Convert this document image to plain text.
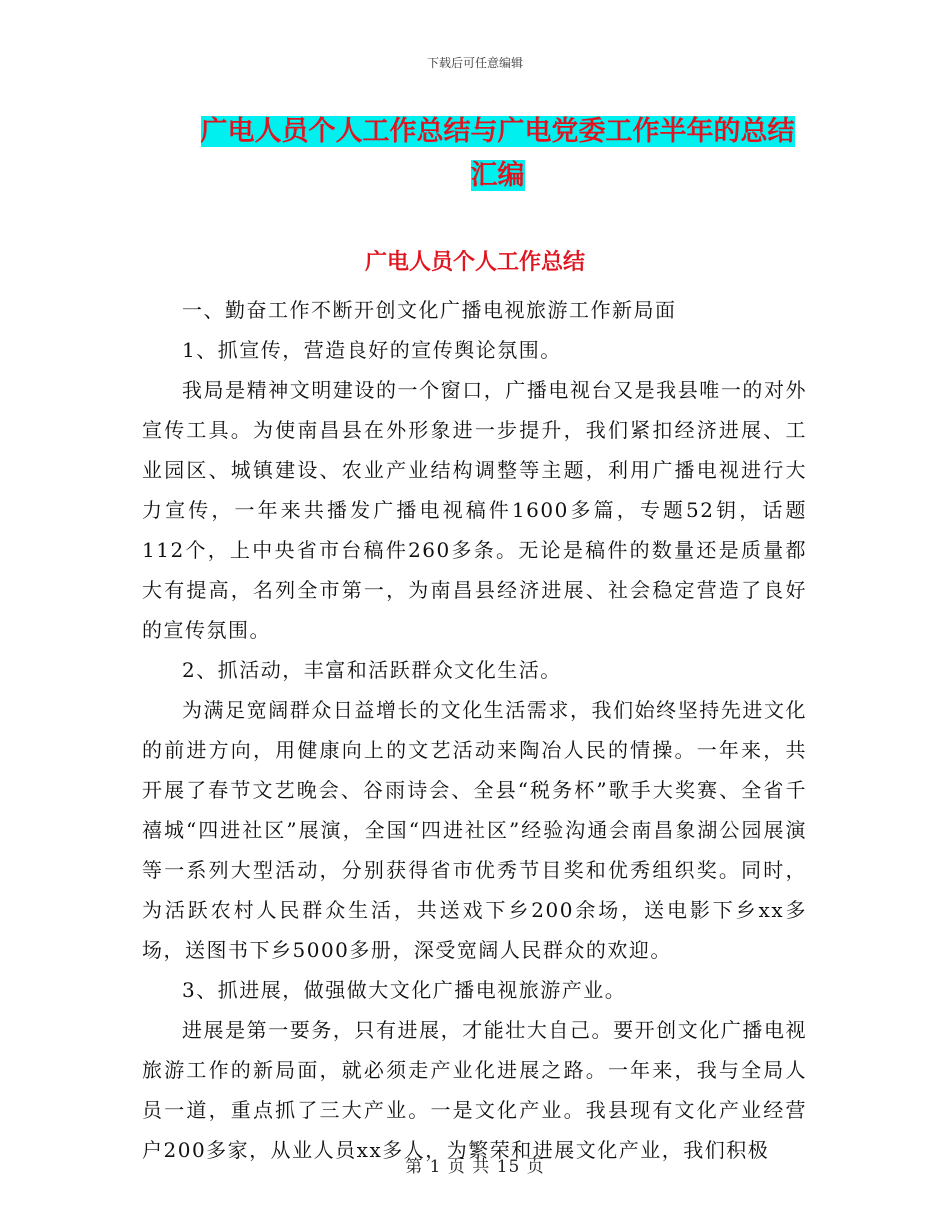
下载后可任意编辑
广电人员个人工作总结与广电党委工作半年的总结汇编
广电人员个人工作总结

一、勤奋工作不断开创文化广播电视旅游工作新局面

1、抓宣传，营造良好的宣传舆论氛围。

我局是精神文明建设的一个窗口，广播电视台又是我县唯一的对外宣传工具。为使南昌县在外形象进一步提升，我们紧扣经济进展、工业园区、城镇建设、农业产业结构调整等主题，利用广播电视进行大力宣传，一年来共播发广播电视稿件1600多篇，专题52钥，话题112个，上中央省市台稿件260多条。无论是稿件的数量还是质量都大有提高，名列全市第一，为南昌县经济进展、社会稳定营造了良好的宣传氛围。

2、抓活动，丰富和活跃群众文化生活。

为满足宽阔群众日益增长的文化生活需求，我们始终坚持先进文化的前进方向，用健康向上的文艺活动来陶冶人民的情操。一年来，共开展了春节文艺晚会、谷雨诗会、全县“税务杯”歌手大奖赛、全省千禧城“四进社区”展演，全国“四进社区”经验沟通会南昌象湖公园展演等一系列大型活动，分别获得省市优秀节目奖和优秀组织奖。同时，为活跃农村人民群众生活，共送戏下乡200余场，送电影下乡xx多场，送图书下乡5000多册，深受宽阔人民群众的欢迎。

3、抓进展，做强做大文化广播电视旅游产业。

进展是第一要务，只有进展，才能壮大自己。要开创文化广播电视旅游工作的新局面，就必须走产业化进展之路。一年来，我与全局人员一道，重点抓了三大产业。一是文化产业。我县现有文化产业经营户200多家，从业人员xx多人，为繁荣和进展文化产业，我们积极

第 1 页 共 15 页
